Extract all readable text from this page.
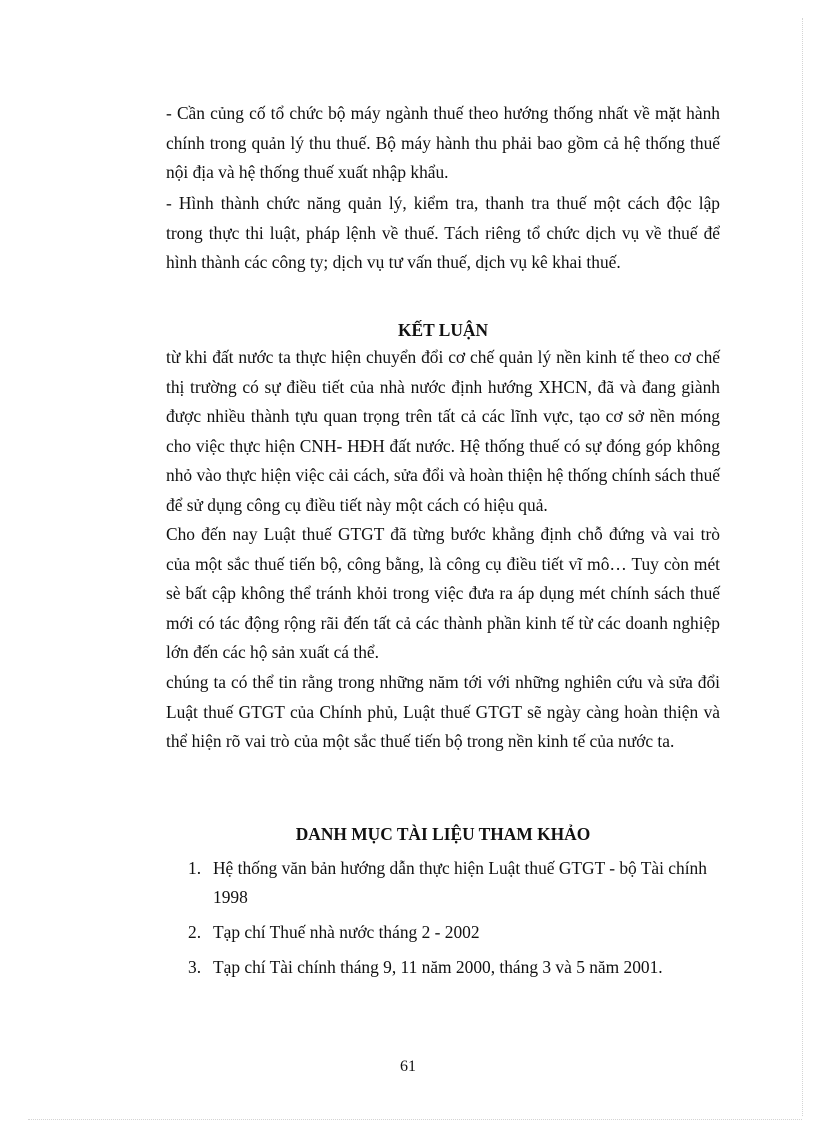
- Cần củng cố tổ chức bộ máy ngành thuế theo hướng thống nhất về mặt hành chính trong quản lý thu thuế. Bộ máy hành thu phải bao gồm cả hệ thống thuế nội địa và hệ thống thuế xuất nhập khẩu.

- Hình thành chức năng quản lý, kiểm tra, thanh tra thuế một cách độc lập trong thực thi luật, pháp lệnh về thuế. Tách riêng tổ chức dịch vụ về thuế để hình thành các công ty; dịch vụ tư vấn thuế, dịch vụ kê khai thuế.

KẾT LUẬN

từ khi đất nước ta thực hiện chuyển đổi cơ chế quản lý nền kinh tế theo cơ chế thị trường có sự điều tiết của nhà nước định hướng XHCN, đã và đang giành được nhiều thành tựu quan trọng trên tất cả các lĩnh vực, tạo cơ sở nền móng cho việc thực hiện CNH- HĐH đất nước. Hệ thống thuế có sự đóng góp không nhỏ vào thực hiện việc cải cách, sửa đổi và hoàn thiện hệ thống chính sách thuế để sử dụng công cụ điều tiết này một cách có hiệu quả.

Cho đến nay Luật thuế GTGT đã từng bước khẳng định chỗ đứng và vai trò của một sắc thuế tiến bộ, công bằng, là công cụ điều tiết vĩ mô… Tuy còn mét sè bất cập không thể tránh khỏi trong việc đưa ra áp dụng mét chính sách thuế mới có tác động rộng rãi đến tất cả các thành phần kinh tế từ các doanh nghiệp lớn đến các hộ sản xuất cá thể.

chúng ta có thể tin rằng trong những năm tới với những nghiên cứu và sửa đổi Luật thuế GTGT của Chính phủ, Luật thuế GTGT sẽ ngày càng hoàn thiện và thể hiện rõ vai trò của một sắc thuế tiến bộ trong nền kinh tế của nước ta.

DANH MỤC TÀI LIỆU THAM KHẢO
1. Hệ thống văn bản hướng dẫn thực hiện Luật thuế GTGT - bộ Tài chính 1998
2. Tạp chí Thuế nhà nước tháng 2 - 2002
3. Tạp chí Tài chính tháng 9, 11 năm 2000, tháng 3 và 5 năm 2001.
61
